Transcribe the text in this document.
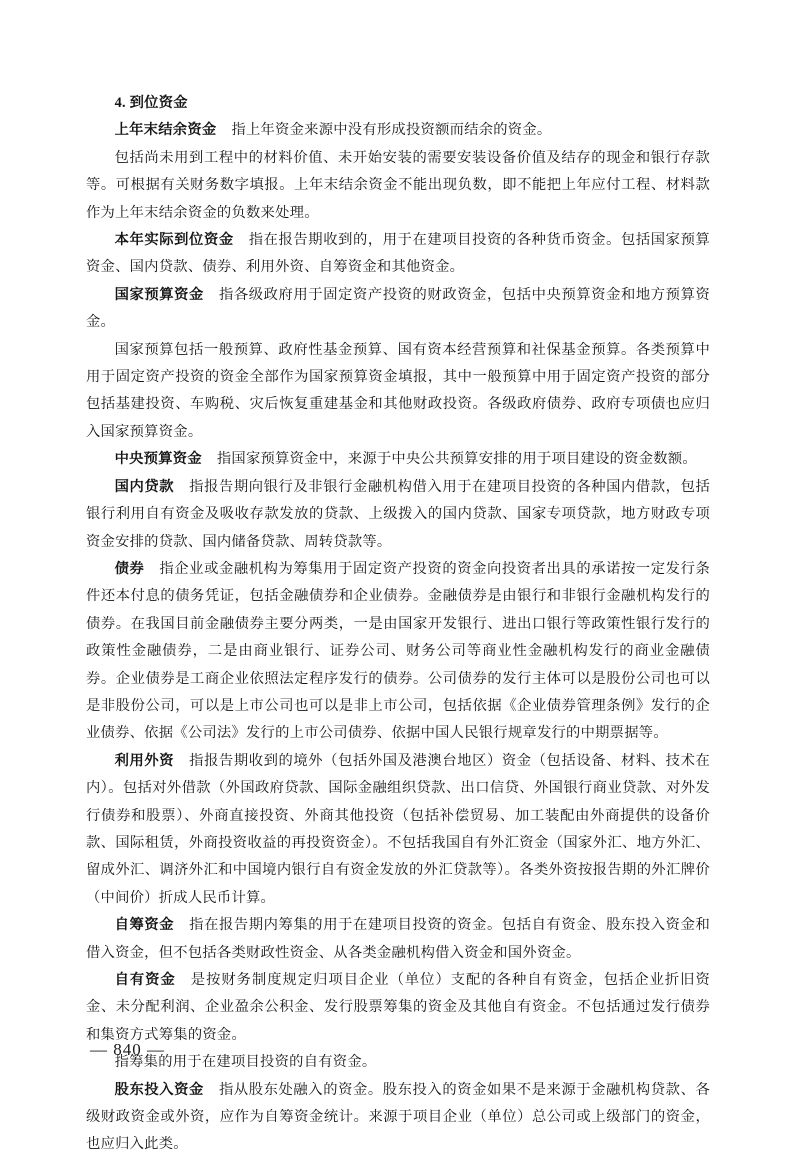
4. 到位资金

上年末结余资金 指上年资金来源中没有形成投资额而结余的资金。

包括尚未用到工程中的材料价值、未开始安装的需要安装设备价值及结存的现金和银行存款等。可根据有关财务数字填报。上年末结余资金不能出现负数，即不能把上年应付工程、材料款作为上年末结余资金的负数来处理。

本年实际到位资金 指在报告期收到的，用于在建项目投资的各种货币资金。包括国家预算资金、国内贷款、债券、利用外资、自筹资金和其他资金。

国家预算资金 指各级政府用于固定资产投资的财政资金，包括中央预算资金和地方预算资金。

国家预算包括一般预算、政府性基金预算、国有资本经营预算和社保基金预算。各类预算中用于固定资产投资的资金全部作为国家预算资金填报，其中一般预算中用于固定资产投资的部分包括基建投资、车购税、灾后恢复重建基金和其他财政投资。各级政府债券、政府专项债也应归入国家预算资金。

中央预算资金 指国家预算资金中，来源于中央公共预算安排的用于项目建设的资金数额。

国内贷款 指报告期向银行及非银行金融机构借入用于在建项目投资的各种国内借款，包括银行利用自有资金及吸收存款发放的贷款、上级拨入的国内贷款、国家专项贷款，地方财政专项资金安排的贷款、国内储备贷款、周转贷款等。

债券 指企业或金融机构为筹集用于固定资产投资的资金向投资者出具的承诺按一定发行条件还本付息的债务凭证，包括金融债券和企业债券。金融债券是由银行和非银行金融机构发行的债券。在我国目前金融债券主要分两类，一是由国家开发银行、进出口银行等政策性银行发行的政策性金融债券，二是由商业银行、证券公司、财务公司等商业性金融机构发行的商业金融债券。企业债券是工商企业依照法定程序发行的债券。公司债券的发行主体可以是股份公司也可以是非股份公司，可以是上市公司也可以是非上市公司，包括依据《企业债券管理条例》发行的企业债券、依据《公司法》发行的上市公司债券、依据中国人民银行规章发行的中期票据等。

利用外资 指报告期收到的境外（包括外国及港澳台地区）资金（包括设备、材料、技术在内）。包括对外借款（外国政府贷款、国际金融组织贷款、出口信贷、外国银行商业贷款、对外发行债券和股票）、外商直接投资、外商其他投资（包括补偿贸易、加工装配由外商提供的设备价款、国际租赁，外商投资收益的再投资资金）。不包括我国自有外汇资金（国家外汇、地方外汇、留成外汇、调济外汇和中国境内银行自有资金发放的外汇贷款等）。各类外资按报告期的外汇牌价（中间价）折成人民币计算。

自筹资金 指在报告期内筹集的用于在建项目投资的资金。包括自有资金、股东投入资金和借入资金，但不包括各类财政性资金、从各类金融机构借入资金和国外资金。

自有资金 是按财务制度规定归项目企业（单位）支配的各种自有资金，包括企业折旧资金、未分配利润、企业盈余公积金、发行股票筹集的资金及其他自有资金。不包括通过发行债券和集资方式筹集的资金。

指筹集的用于在建项目投资的自有资金。

股东投入资金 指从股东处融入的资金。股东投入的资金如果不是来源于金融机构贷款、各级财政资金或外资，应作为自筹资金统计。来源于项目企业（单位）总公司或上级部门的资金，也应归入此类。

— 840 —
